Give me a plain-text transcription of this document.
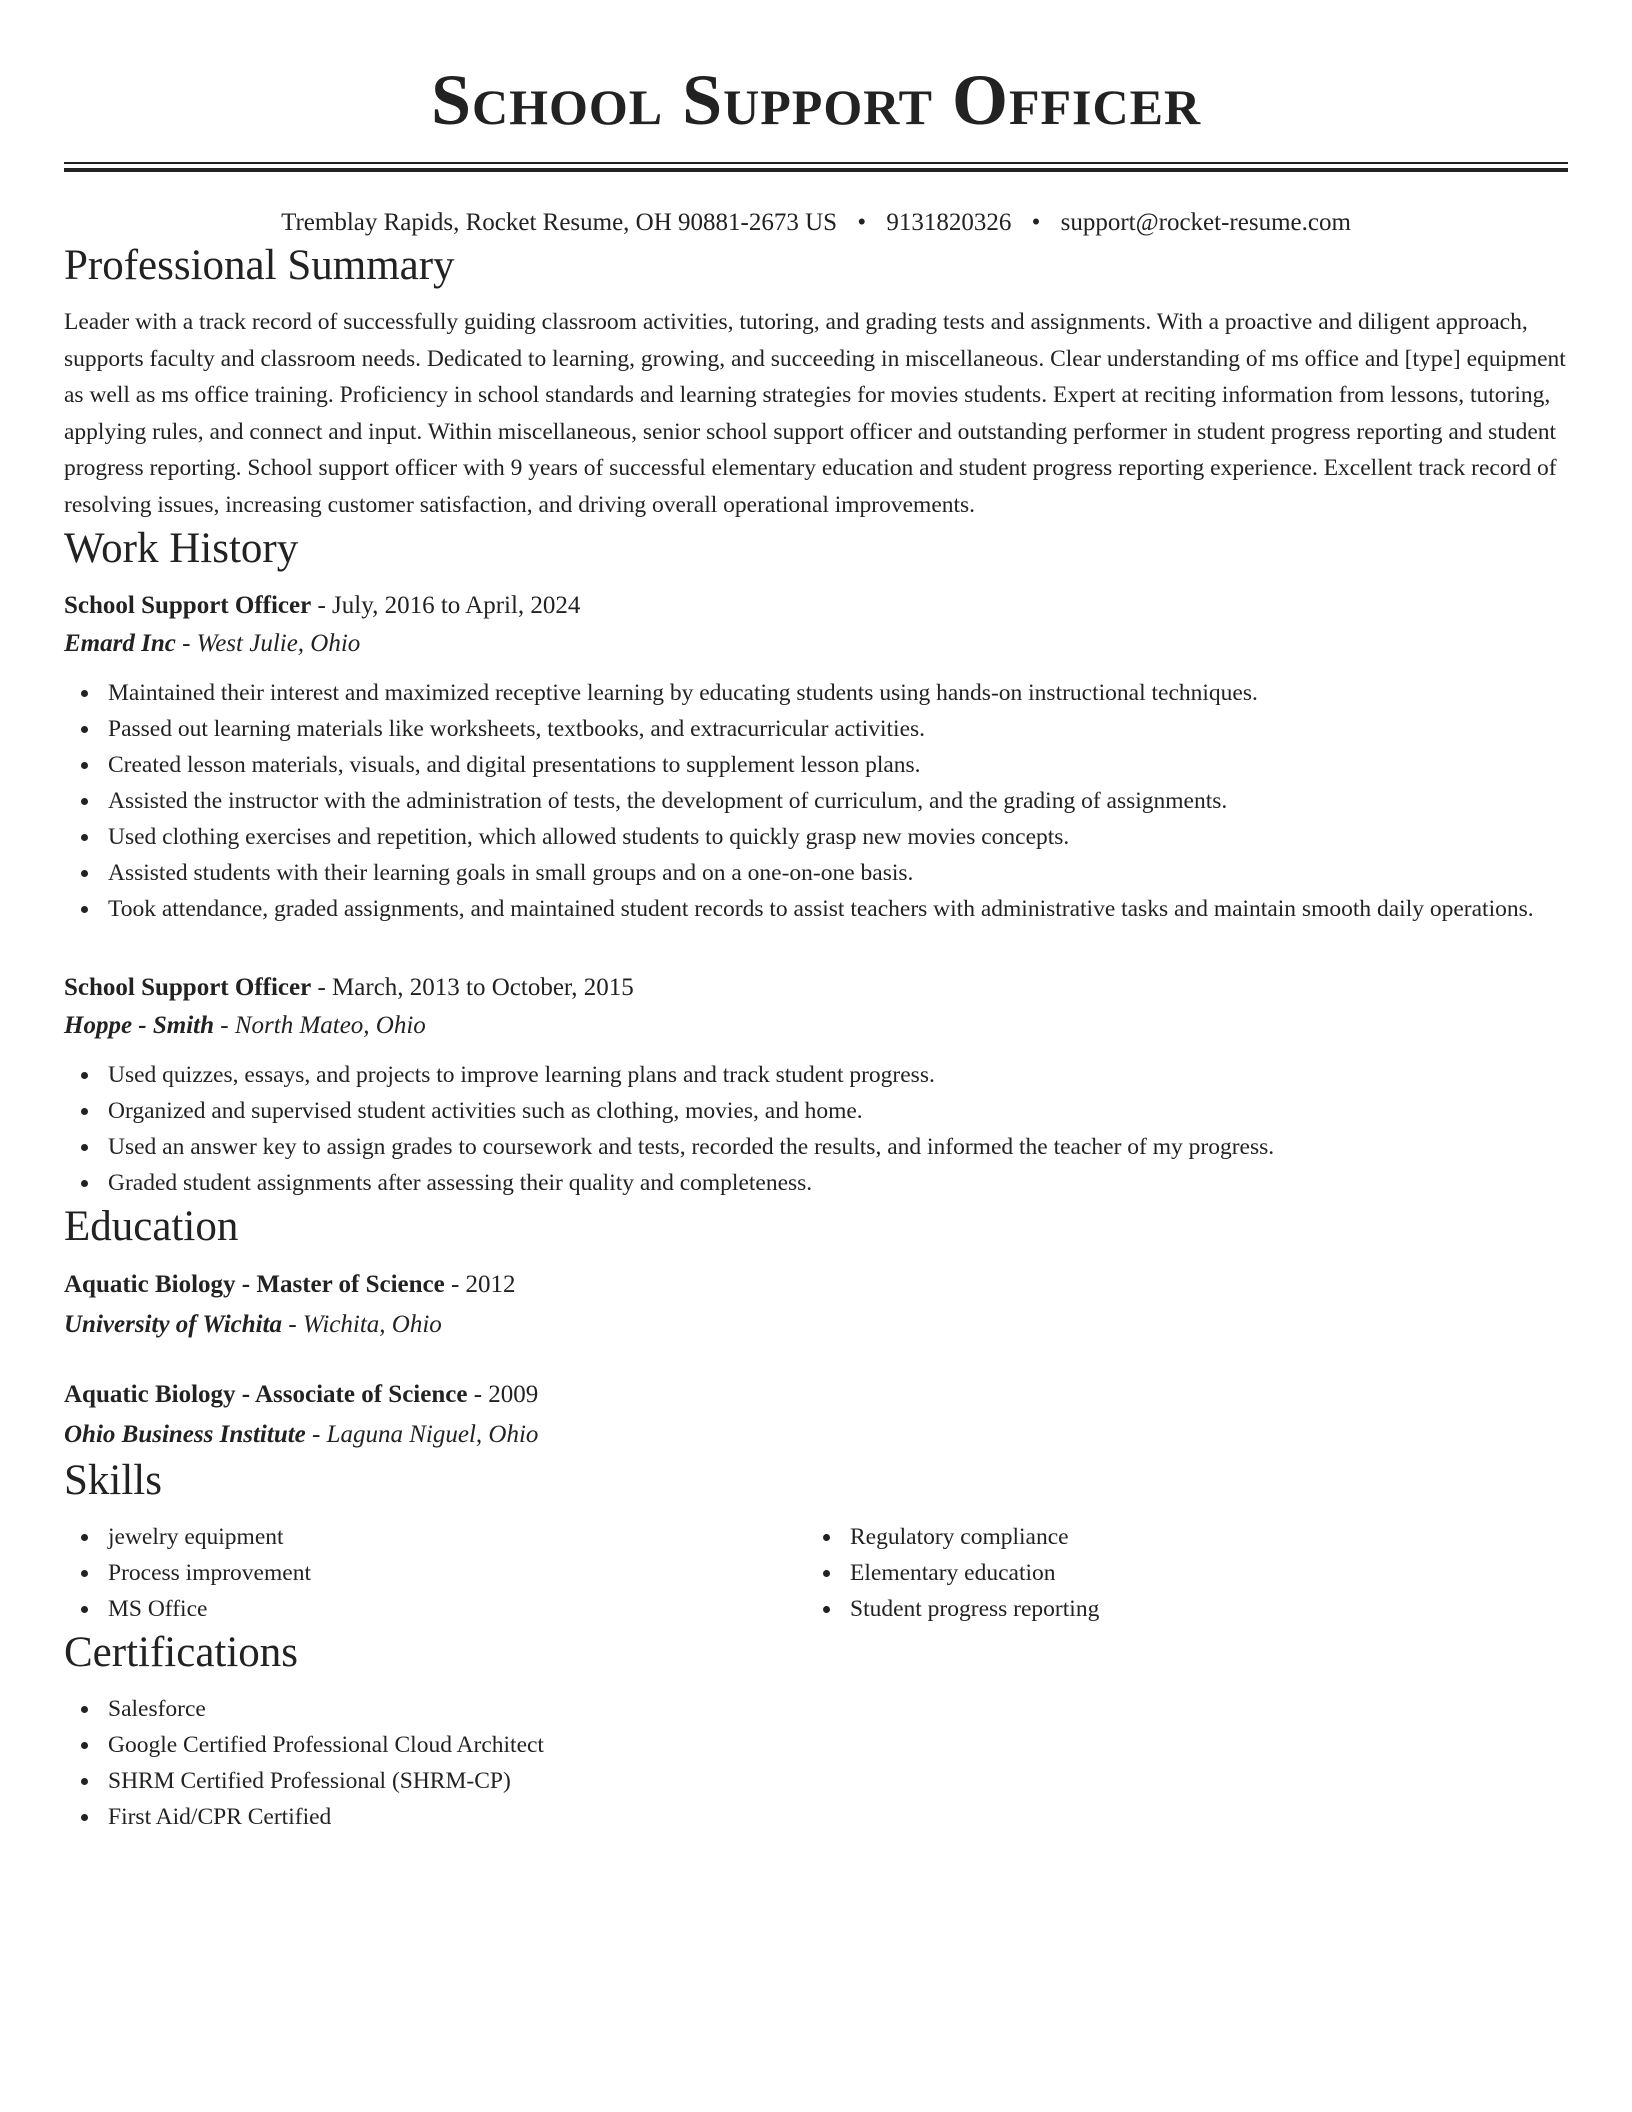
School Support Officer
Tremblay Rapids, Rocket Resume, OH 90881-2673 US • 9131820326 • support@rocket-resume.com
Professional Summary
Leader with a track record of successfully guiding classroom activities, tutoring, and grading tests and assignments. With a proactive and diligent approach, supports faculty and classroom needs. Dedicated to learning, growing, and succeeding in miscellaneous. Clear understanding of ms office and [type] equipment as well as ms office training. Proficiency in school standards and learning strategies for movies students. Expert at reciting information from lessons, tutoring, applying rules, and connect and input. Within miscellaneous, senior school support officer and outstanding performer in student progress reporting and student progress reporting. School support officer with 9 years of successful elementary education and student progress reporting experience. Excellent track record of resolving issues, increasing customer satisfaction, and driving overall operational improvements.
Work History
School Support Officer - July, 2016 to April, 2024
Emard Inc - West Julie, Ohio
Maintained their interest and maximized receptive learning by educating students using hands-on instructional techniques.
Passed out learning materials like worksheets, textbooks, and extracurricular activities.
Created lesson materials, visuals, and digital presentations to supplement lesson plans.
Assisted the instructor with the administration of tests, the development of curriculum, and the grading of assignments.
Used clothing exercises and repetition, which allowed students to quickly grasp new movies concepts.
Assisted students with their learning goals in small groups and on a one-on-one basis.
Took attendance, graded assignments, and maintained student records to assist teachers with administrative tasks and maintain smooth daily operations.
School Support Officer - March, 2013 to October, 2015
Hoppe - Smith - North Mateo, Ohio
Used quizzes, essays, and projects to improve learning plans and track student progress.
Organized and supervised student activities such as clothing, movies, and home.
Used an answer key to assign grades to coursework and tests, recorded the results, and informed the teacher of my progress.
Graded student assignments after assessing their quality and completeness.
Education
Aquatic Biology - Master of Science - 2012
University of Wichita - Wichita, Ohio
Aquatic Biology - Associate of Science - 2009
Ohio Business Institute - Laguna Niguel, Ohio
Skills
jewelry equipment
Process improvement
MS Office
Regulatory compliance
Elementary education
Student progress reporting
Certifications
Salesforce
Google Certified Professional Cloud Architect
SHRM Certified Professional (SHRM-CP)
First Aid/CPR Certified
